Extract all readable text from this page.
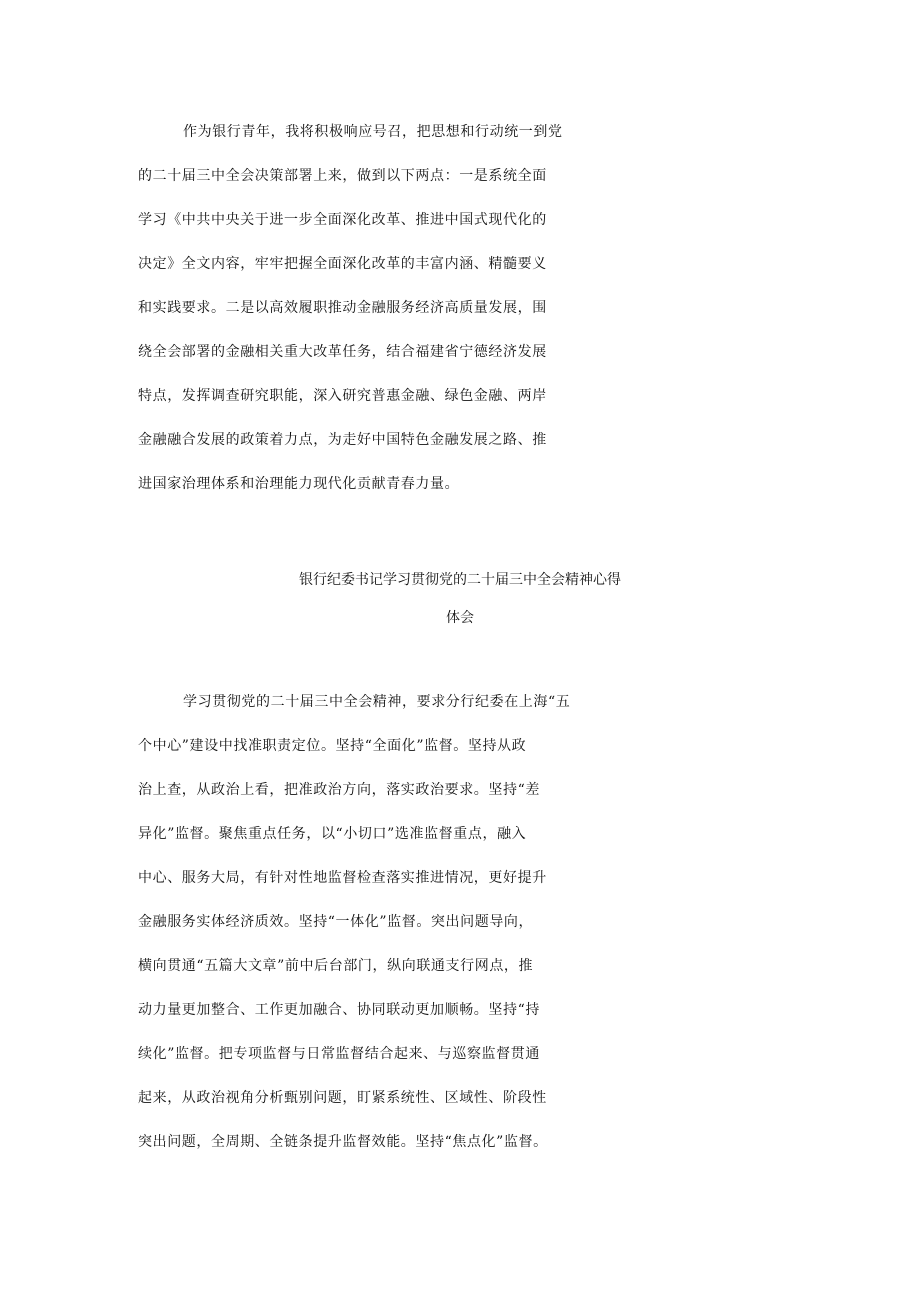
作为银行青年，我将积极响应号召，把思想和行动统一到党
的二十届三中全会决策部署上来，做到以下两点：一是系统全面
学习《中共中央关于进一步全面深化改革、推进中国式现代化的
决定》全文内容，牢牢把握全面深化改革的丰富内涵、精髓要义
和实践要求。二是以高效履职推动金融服务经济高质量发展，围
绕全会部署的金融相关重大改革任务，结合福建省宁德经济发展
特点，发挥调查研究职能，深入研究普惠金融、绿色金融、两岸
金融融合发展的政策着力点，为走好中国特色金融发展之路、推
进国家治理体系和治理能力现代化贡献青春力量。
银行纪委书记学习贯彻党的二十届三中全会精神心得
体会
学习贯彻党的二十届三中全会精神，要求分行纪委在上海“五
个中心”建设中找准职责定位。坚持“全面化”监督。坚持从政
治上查，从政治上看，把准政治方向，落实政治要求。坚持“差
异化”监督。聚焦重点任务，以“小切口”选准监督重点，融入
中心、服务大局，有针对性地监督检查落实推进情况，更好提升
金融服务实体经济质效。坚持“一体化”监督。突出问题导向，
横向贯通“五篇大文章”前中后台部门，纵向联通支行网点，推
动力量更加整合、工作更加融合、协同联动更加顺畅。坚持“持
续化”监督。把专项监督与日常监督结合起来、与巡察监督贯通
起来，从政治视角分析甄别问题，盯紧系统性、区域性、阶段性
突出问题，全周期、全链条提升监督效能。坚持“焦点化”监督。
